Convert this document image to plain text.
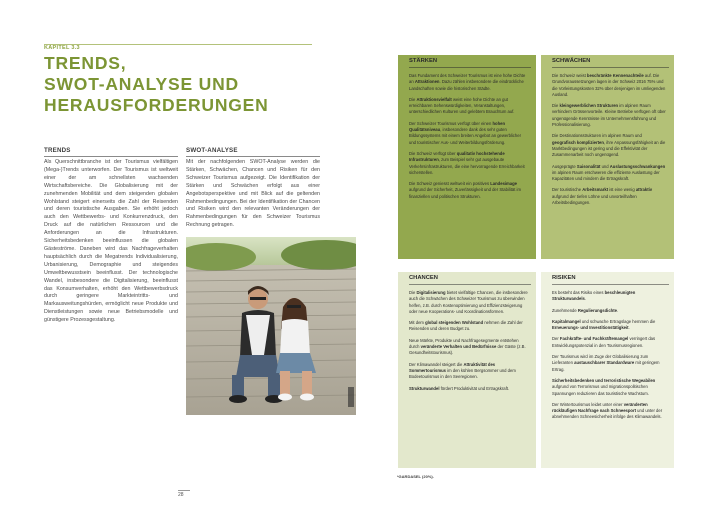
KAPITEL 3.3
TRENDS,
SWOT-ANALYSE UND
HERAUSFORDERUNGEN
TRENDS
Als Querschnittbranche ist der Tourismus vielfältigen (Mega-)Trends unterworfen. Der Tourismus ist weltweit einer der am schnellsten wachsenden Wirtschaftsbereiche. Die Globalisierung mit der zunehmenden Mobilität und dem steigenden globalen Wohlstand steigert einerseits die Zahl der Reisenden und deren touristische Ausgaben. Sie erhöht jedoch auch den Wettbewerbs- und Konkurrenzdruck, den Druck auf die natürlichen Ressourcen und die Anforderungen an die Infrastrukturen. Sicherheitsbedenken beeinflussen die globalen Gästeströme. Daneben wird das Nachfrageverhalten hauptsächlich durch die Megatrends Individualisierung, Urbanisierung, Demographie und steigendes Umweltbewusstsein beeinflusst. Der technologische Wandel, insbesondere die Digitalisierung, beeinflusst das Konsumverhalten, erhöht den Wettbewerbsdruck durch geringere Markteintritts- und Markausweitungshürden, ermöglicht neue Produkte und Dienstleistungen sowie neue Betriebsmodelle und günstigere Prozessgestaltung.
SWOT-ANALYSE
Mit der nachfolgenden SWOT-Analyse werden die Stärken, Schwächen, Chancen und Risiken für den Schweizer Tourismus aufgezeigt. Die Identifikation der Stärken und Schwächen erfolgt aus einer Angebotsperspektive und mit Blick auf die geltenden Rahmenbedingungen. Bei der Identifikation der Chancen und Risiken wird den relevanten Veränderungen der Rahmenbedingungen für den Schweizer Tourismus Rechnung getragen.
28
STÄRKEN

Das Fundament des Schweizer Tourismus ist eine hohe Dichte an Attraktionen. Dazu zählen insbesondere die eindrückliche Landschaften sowie die historischen Städte.

Die Attraktionsvielfalt weist eine hohe Dichte an gut erreichbaren Sehenswürdigkeiten, Veranstaltungen, unterschiedlichen Kulturen und gelebtem Brauchtum auf.

Der Schweizer Tourismus verfügt über einen hohen Qualitätsniveau, insbesondere dank des sehr guten Bildungssystems mit einem breiten Angebot an gewerblicher und touristischer Aus- und Weiterbildungsförderung.

Die Schweiz verfügt über qualitativ hochstehende Infrastrukturen, zum Beispiel sehr gut ausgebaute Verkehrsinfrastrukturen, die eine hervorragende Erreichbarkeit sicherstellen.

Die Schweiz geniesst weltweit ein positives Landesimage aufgrund der Sicherheit, Zuverlässigkeit und der Stabilität im finanziellen und politischen Strukturen.

SCHWÄCHEN

Die Schweiz weist beschränkte Kennenachteile auf. Die Grundvoraussetzungen lagen in der Schweiz 2016 75% und die Vorleistungskosten 32% über denjenigen im umliegenden Ausland.

Die kleingewerblichen Strukturen im alpinen Raum verhindern Grössenvorteile. Kleine Betriebe verfügen oft über ungenügende Kenntnisse im Unternehmensführung und Professionalisierung.

Die Destinationsstrukturen im alpinen Raum und geografisch komplizierten, ihre Anpassungsfähigkeit an die Marktbedingungen ist gering und die Effektivität der Zusammenarbeit noch ungenügend.

Ausgeprägte Saisonalität und Auslastungsschwankungen im alpinen Raum erschweren die effiziente Auslastung der Kapazitäten und mindern die Ertragskraft.

Der touristische Arbeitsmarkt ist eine wenig attraktiv aufgrund der tiefen Löhne und unvorteilhaften Arbeitsbedingungen.

CHANCEN

Die Digitalisierung bietet vielfältige Chancen, die insbesondere auch die Schwächen des Schweizer Tourismus zu überwinden helfen, z.B. durch Kostenoptimierung und Effizienzsteigerung oder neue Kooperations- und Koordinationsformen.

Mit dem global steigenden Wohlstand nehmen die Zahl der Reisenden und deren Budget zu.

Neue Märkte, Produkte und Nachfragesegmente entstehen durch veränderte Verhalten und Bedürfnisse der Gäste (z.B. Gesundheitstourismus).

Der Klimawandel steigert die Attraktivität des Sommertourismus im den kühlen Bergsommer und dem Bodeetourismus in den Seeregionen.

Strukturwandel fördert Produktivität und Ertragskraft.

RISIKEN

Es besteht das Risiko eines beschleunigten Strukturwandels.

Zunehmende Regulierungsdichte.

Kapitalmangel und schwache Ertragslage hemmen die Erneuerungs- und Investitionstätigkeit.

Der Fachkräfte- und Fachkräftemangel verringert das Entwicklungspotenzial in den Tourismusregionen.

Der Tourismus wird im Zuge der Globalisierung zum Lieferanten austauschbarer Standardware mit geringem Ertrag.

Sicherheitsbedenken und terroristische Wegeabilen aufgrund von Terrorismus und migrationspolitischen Spannungen reduzieren das touristische Wachstum.

Der Wintertourismus leidet unter einer veränderten rückläufigen Nachfrage nach Schneesport und unter der abnehmenden Schneesicherheit infolge des Klimawandels.

*GARDASEL (20%).
